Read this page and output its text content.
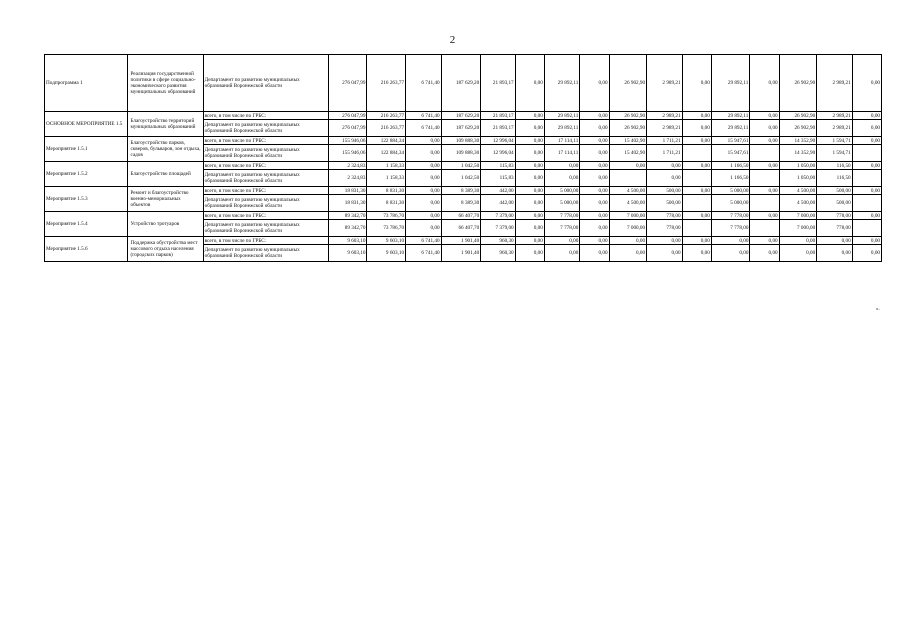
2
Подпрограмма 1	Реализация государственной политики в сфере социально-экономического развития муниципальных образований	Департамент по развитию муниципальных образований Воронежской области	276 047,99	216 263,77	6 741,40	187 629,20	21 893,17	0,00	29 892,11	0,00	26 902,90	2 989,21	0,00	29 892,11	0,00	26 902,90	2 989,21	0,00
ОСНОВНОЕ МЕРОПРИЯТИЕ 1.5	Благоустройство территорий муниципальных образований	всего, в том числе по ГРБС:	276 047,99	216 263,77	6 741,40	187 629,20	21 893,17	0,00	29 892,11	0,00	26 902,90	2 989,21	0,00	29 892,11	0,00	26 902,90	2 989,21	0,00
		Департамент по развитию муниципальных образований Воронежской области	276 047,99	216 263,77	6 741,40	187 629,20	21 893,17	0,00	29 892,11	0,00	26 902,90	2 989,21	0,00	29 892,11	0,00	26 902,90	2 989,21	0,00
Мероприятие 1.5.1	Благоустройство парков, скверов, бульваров, зон отдыха, садов	всего, в том числе по ГРБС:	155 946,06	122 884,34	0,00	109 888,30	12 996,04	0,00	17 114,11	0,00	15 402,90	1 711,21	0,00	15 947,61	0,00	14 352,90	1 594,71	0,00
		Департамент по развитию муниципальных образований Воронежской области	155 946,06	122 884,34	0,00	109 888,30	12 996,04	0,00	17 114,11	0,00	15 402,90	1 711,21		15 947,61		14 352,90	1 594,71	
Мероприятие 1.5.2	Благоустройство площадей	всего, в том числе по ГРБС:	2 324,83	1 158,33	0,00	1 042,50	115,83	0,00	0,00	0,00	0,00	0,00	0,00	1 166,50	0,00	1 050,00	116,50	0,00
		Департамент по развитию муниципальных образований Воронежской области	2 324,83	1 158,33	0,00	1 042,50	115,83	0,00	0,00	0,00		0,00		1 166,50		1 050,00	116,50	
Мероприятие 1.5.3	Ремонт и благоустройство военно-мемориальных объектов	всего, в том числе по ГРБС:	18 831,30	8 831,30	0,00	8 389,30	442,00	0,00	5 000,00	0,00	4 500,00	500,00	0,00	5 000,00	0,00	4 500,00	500,00	0,00
		Департамент по развитию муниципальных образований Воронежской области	18 831,30	8 831,30	0,00	8 389,30	442,00	0,00	5 000,00	0,00	4 500,00	500,00		5 000,00		4 500,00	500,00	
Мероприятие 1.5.4	Устройство тротуаров	всего, в том числе по ГРБС:	89 342,70	73 786,70	0,00	66 407,70	7 379,00	0,00	7 778,00	0,00	7 000,00	778,00	0,00	7 778,00	0,00	7 000,00	778,00	0,00
		Департамент по развитию муниципальных образований Воронежской области	89 342,70	73 786,70	0,00	66 407,70	7 379,00	0,00	7 778,00	0,00	7 000,00	778,00		7 778,00		7 000,00	778,00	
Мероприятие 1.5.6	Поддержка обустройства мест массового отдыха населения (городских парков)	всего, в том числе по ГРБС:	9 603,10	9 603,10	6 741,40	1 901,40	960,30	0,00	0,00	0,00	0,00	0,00	0,00	0,00	0,00	0,00	0,00	0,00
		Департамент по развитию муниципальных образований Воронежской области	9 603,10	9 603,10	6 741,40	1 901,40	960,30	0,00	0,00	0,00	0,00	0,00	0,00	0,00	0,00	0,00	0,00	0,00
».
